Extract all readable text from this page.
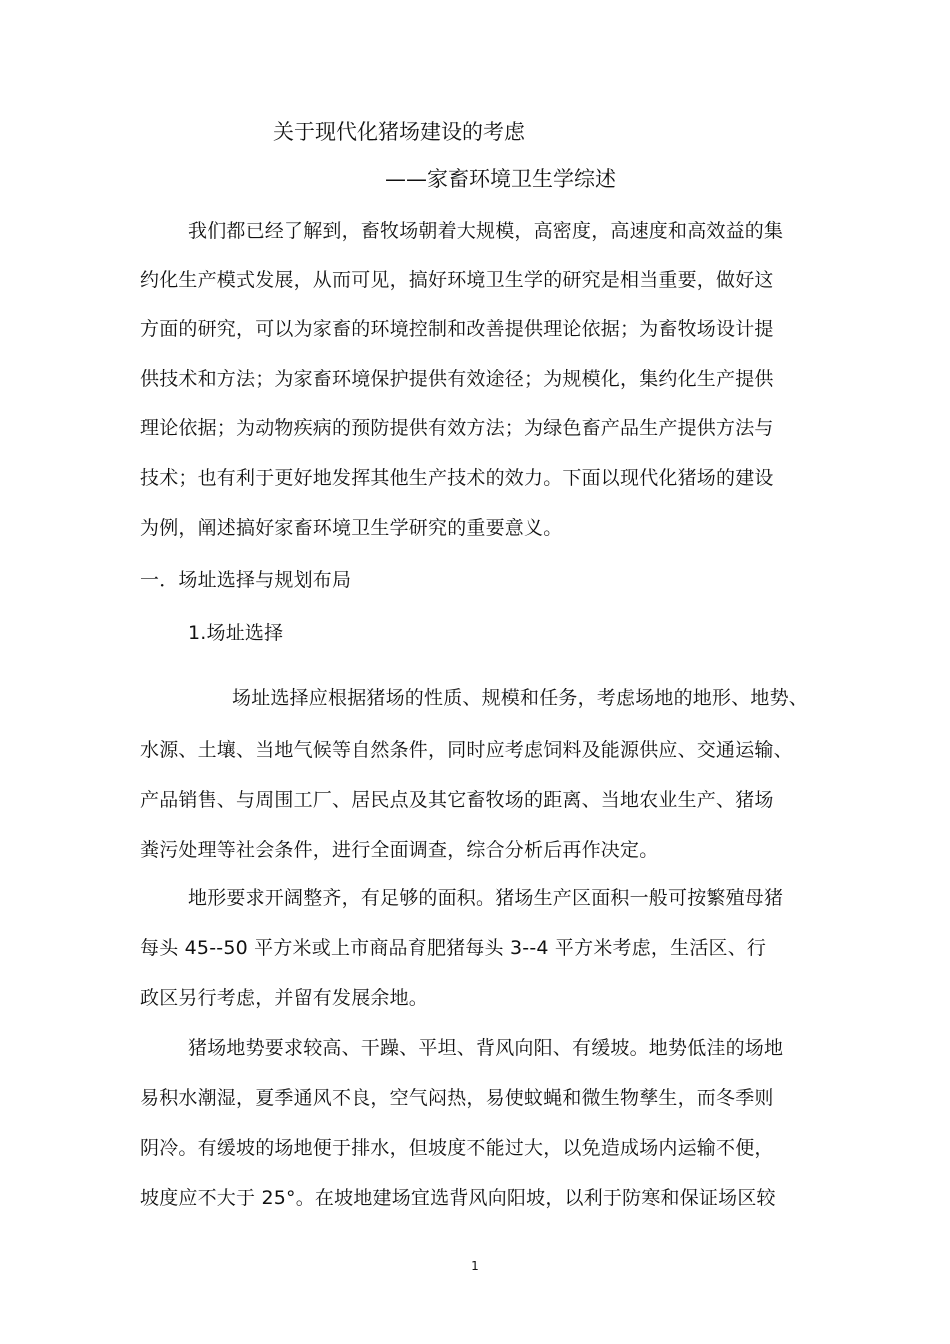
关于现代化猪场建设的考虑
——家畜环境卫生学综述
我们都已经了解到，畜牧场朝着大规模，高密度，高速度和高效益的集
约化生产模式发展，从而可见，搞好环境卫生学的研究是相当重要，做好这
方面的研究，可以为家畜的环境控制和改善提供理论依据；为畜牧场设计提
供技术和方法；为家畜环境保护提供有效途径；为规模化，集约化生产提供
理论依据；为动物疾病的预防提供有效方法；为绿色畜产品生产提供方法与
技术；也有利于更好地发挥其他生产技术的效力。下面以现代化猪场的建设
为例，阐述搞好家畜环境卫生学研究的重要意义。
一．场址选择与规划布局
1.场址选择
场址选择应根据猪场的性质、规模和任务，考虑场地的地形、地势、
水源、土壤、当地气候等自然条件，同时应考虑饲料及能源供应、交通运输、
产品销售、与周围工厂、居民点及其它畜牧场的距离、当地农业生产、猪场
粪污处理等社会条件，进行全面调查，综合分析后再作决定。
地形要求开阔整齐，有足够的面积。猪场生产区面积一般可按繁殖母猪
每头 45--50 平方米或上市商品育肥猪每头 3--4 平方米考虑，生活区、行
政区另行考虑，并留有发展余地。
猪场地势要求较高、干躁、平坦、背风向阳、有缓坡。地势低洼的场地
易积水潮湿，夏季通风不良，空气闷热，易使蚊蝇和微生物孳生，而冬季则
阴冷。有缓坡的场地便于排水，但坡度不能过大，以免造成场内运输不便，
坡度应不大于 25°。在坡地建场宜选背风向阳坡，以利于防寒和保证场区较
1
